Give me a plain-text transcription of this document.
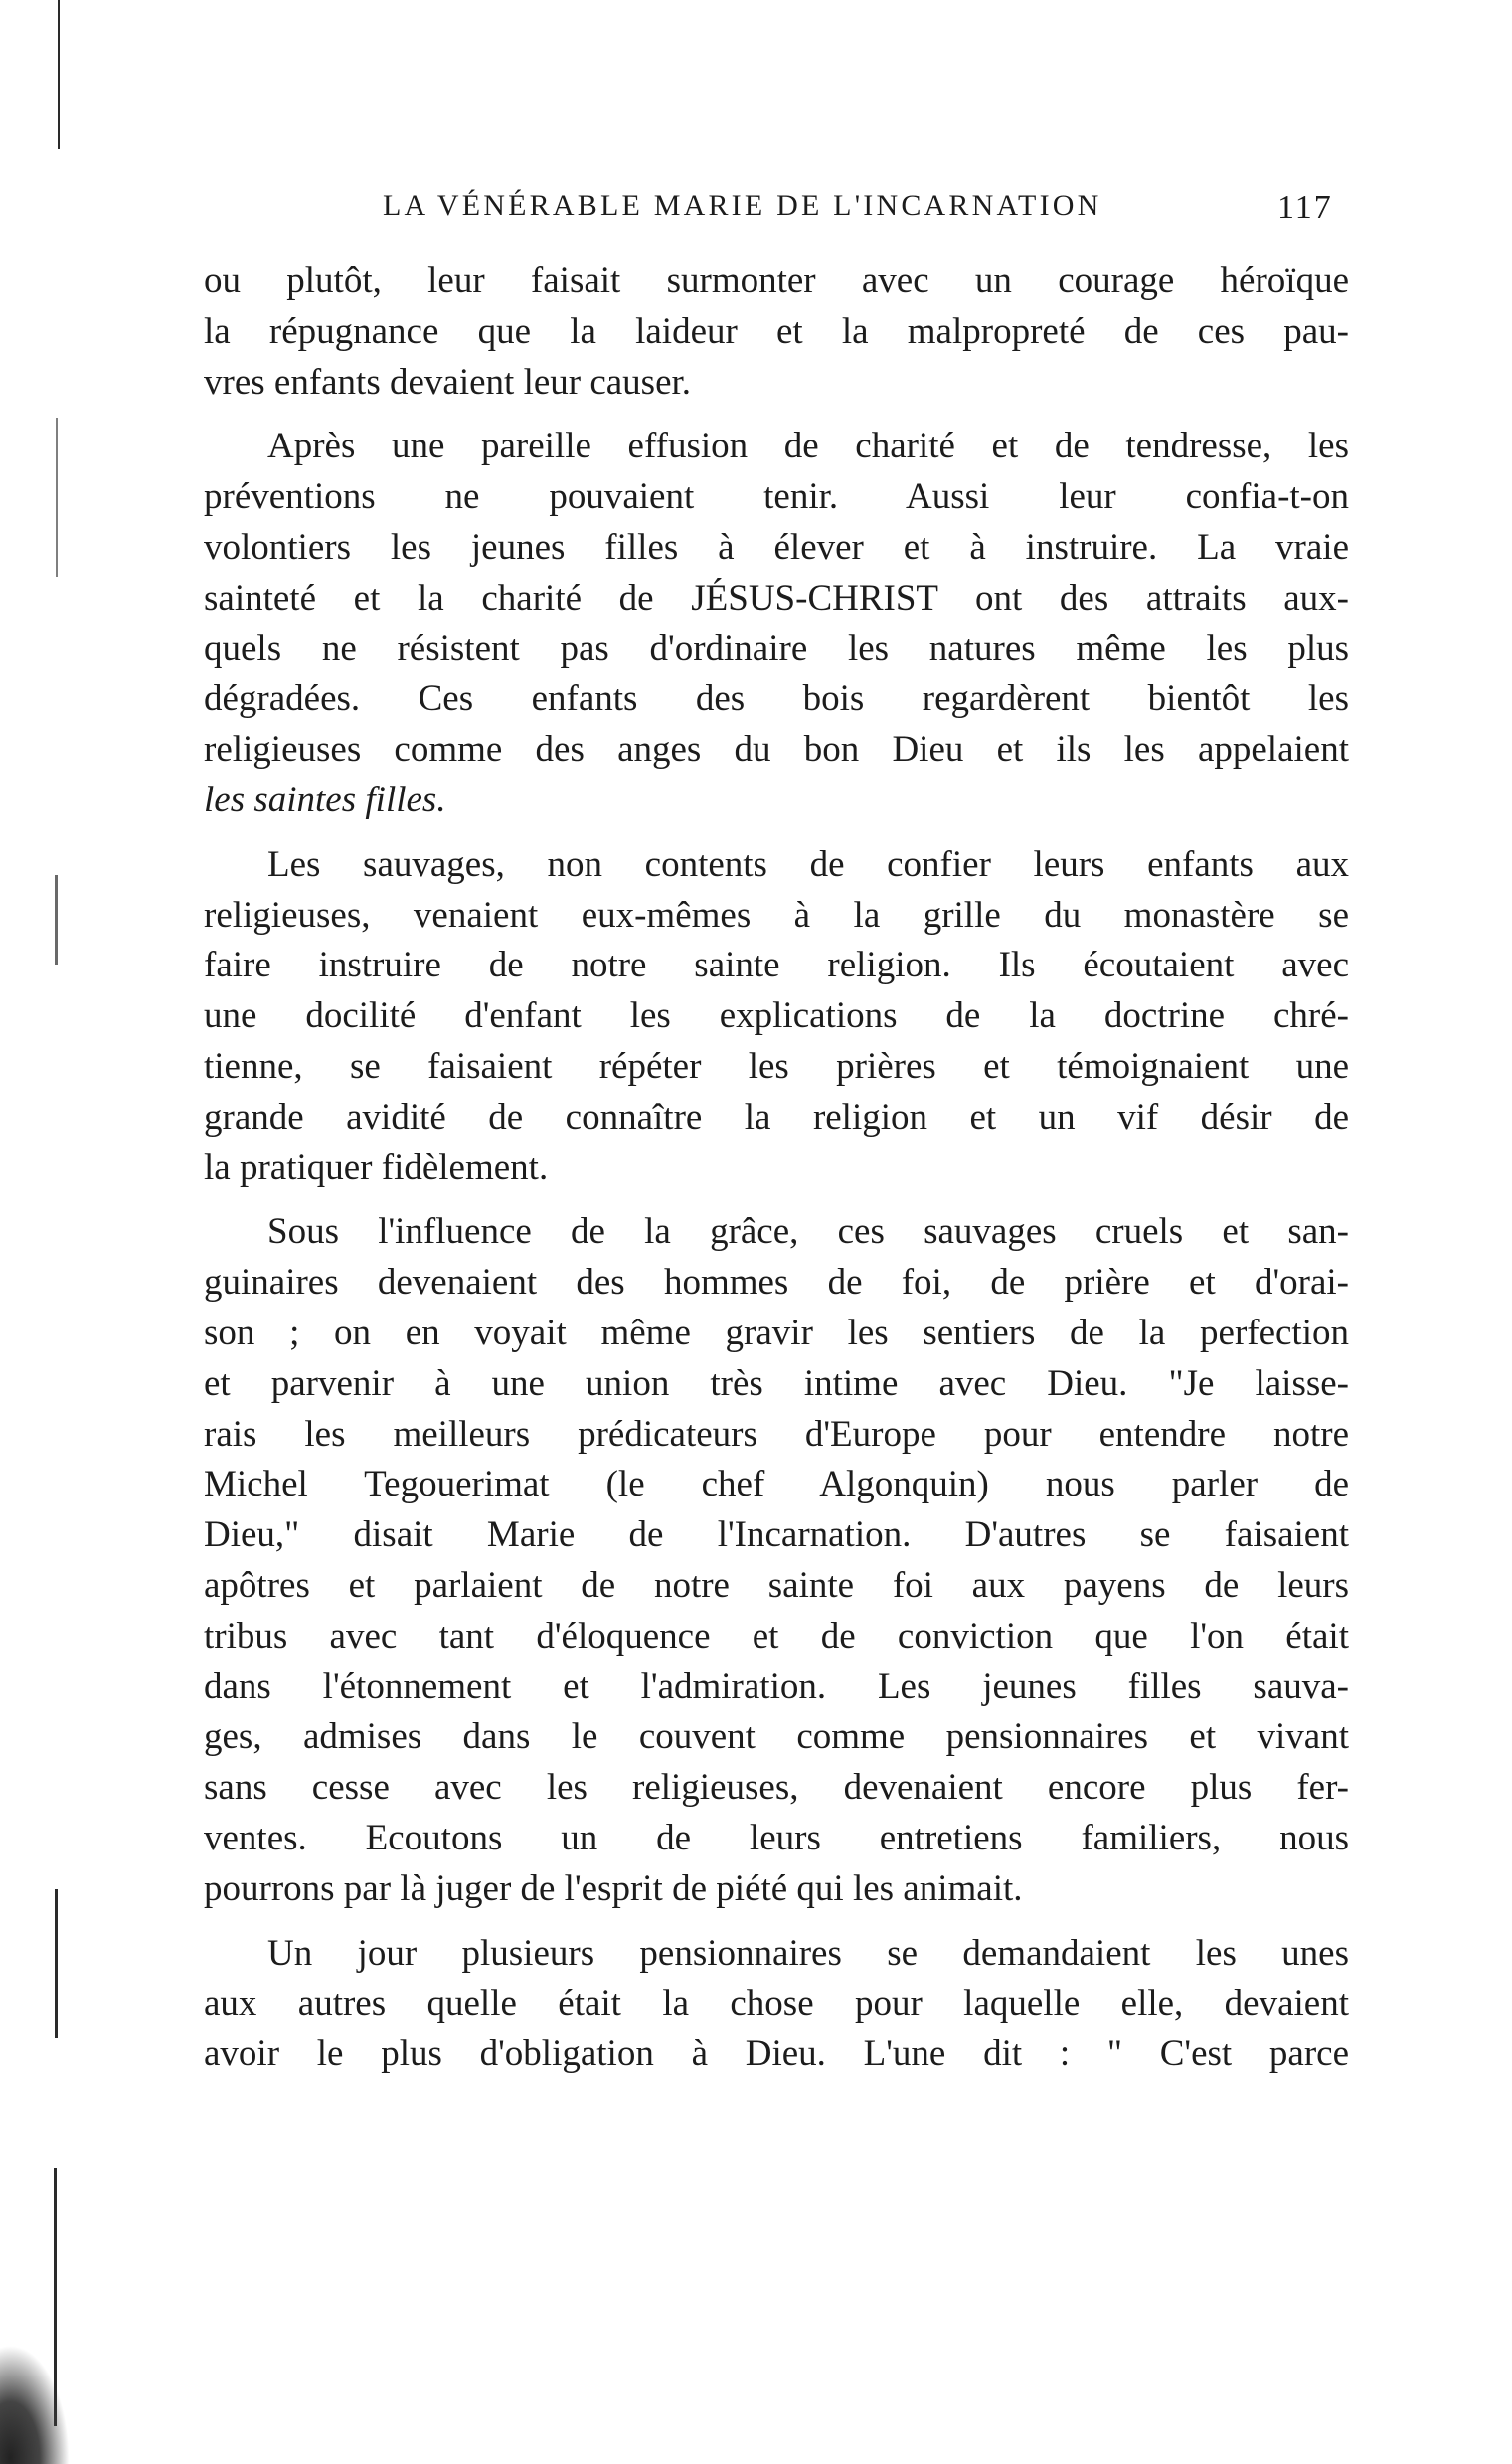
LA VÉNÉRABLE MARIE DE L'INCARNATION	117
ou plutôt, leur faisait surmonter avec un courage héroïque
la répugnance que la laideur et la malpropreté de ces pau-
vres enfants devaient leur causer.
Après une pareille effusion de charité et de tendresse, les
préventions ne pouvaient tenir. Aussi leur confia-t-on
volontiers les jeunes filles à élever et à instruire. La vraie
sainteté et la charité de JÉSUS-CHRIST ont des attraits aux-
quels ne résistent pas d'ordinaire les natures même les plus
dégradées. Ces enfants des bois regardèrent bientôt les
religieuses comme des anges du bon Dieu et ils les appelaient
les saintes filles.
Les sauvages, non contents de confier leurs enfants aux
religieuses, venaient eux-mêmes à la grille du monastère se
faire instruire de notre sainte religion. Ils écoutaient avec
une docilité d'enfant les explications de la doctrine chré-
tienne, se faisaient répéter les prières et témoignaient une
grande avidité de connaître la religion et un vif désir de
la pratiquer fidèlement.
Sous l'influence de la grâce, ces sauvages cruels et san-
guinaires devenaient des hommes de foi, de prière et d'orai-
son ; on en voyait même gravir les sentiers de la perfection
et parvenir à une union très intime avec Dieu. "Je laisse-
rais les meilleurs prédicateurs d'Europe pour entendre notre
Michel Tegouerimat (le chef Algonquin) nous parler de
Dieu," disait Marie de l'Incarnation. D'autres se faisaient
apôtres et parlaient de notre sainte foi aux payens de leurs
tribus avec tant d'éloquence et de conviction que l'on était
dans l'étonnement et l'admiration. Les jeunes filles sauva-
ges, admises dans le couvent comme pensionnaires et vivant
sans cesse avec les religieuses, devenaient encore plus fer-
ventes. Ecoutons un de leurs entretiens familiers, nous
pourrons par là juger de l'esprit de piété qui les animait.
Un jour plusieurs pensionnaires se demandaient les unes
aux autres quelle était la chose pour laquelle elle, devaient
avoir le plus d'obligation à Dieu. L'une dit : " C'est parce
